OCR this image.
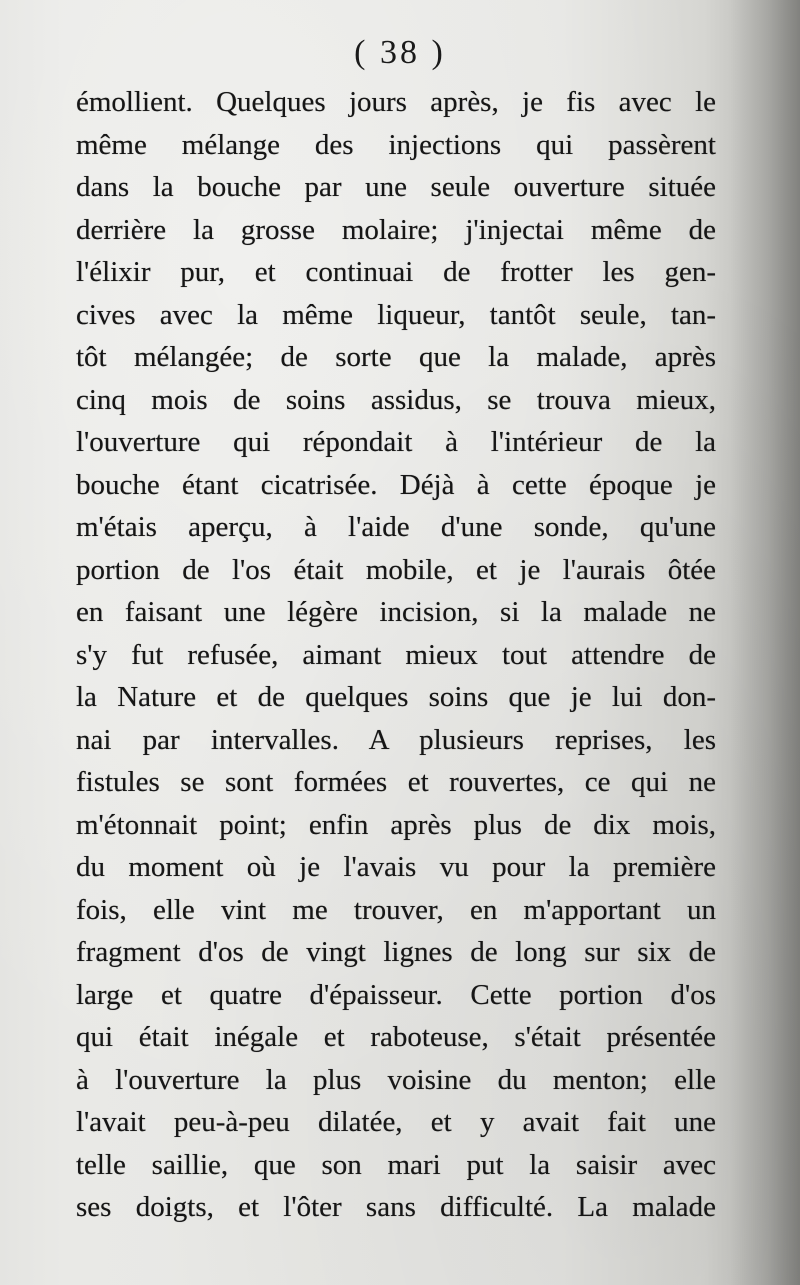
( 38 )
émollient. Quelques jours après, je fis avec le
même mélange des injections qui passèrent
dans la bouche par une seule ouverture située
derrière la grosse molaire; j'injectai même de
l'élixir pur, et continuai de frotter les gen-
cives avec la même liqueur, tantôt seule, tan-
tôt mélangée; de sorte que la malade, après
cinq mois de soins assidus, se trouva mieux,
l'ouverture qui répondait à l'intérieur de la
bouche étant cicatrisée. Déjà à cette époque je
m'étais aperçu, à l'aide d'une sonde, qu'une
portion de l'os était mobile, et je l'aurais ôtée
en faisant une légère incision, si la malade ne
s'y fut refusée, aimant mieux tout attendre de
la Nature et de quelques soins que je lui don-
nai par intervalles. A plusieurs reprises, les
fistules se sont formées et rouvertes, ce qui ne
m'étonnait point; enfin après plus de dix mois,
du moment où je l'avais vu pour la première
fois, elle vint me trouver, en m'apportant un
fragment d'os de vingt lignes de long sur six de
large et quatre d'épaisseur. Cette portion d'os
qui était inégale et raboteuse, s'était présentée
à l'ouverture la plus voisine du menton; elle
l'avait peu-à-peu dilatée, et y avait fait une
telle saillie, que son mari put la saisir avec
ses doigts, et l'ôter sans difficulté. La malade
